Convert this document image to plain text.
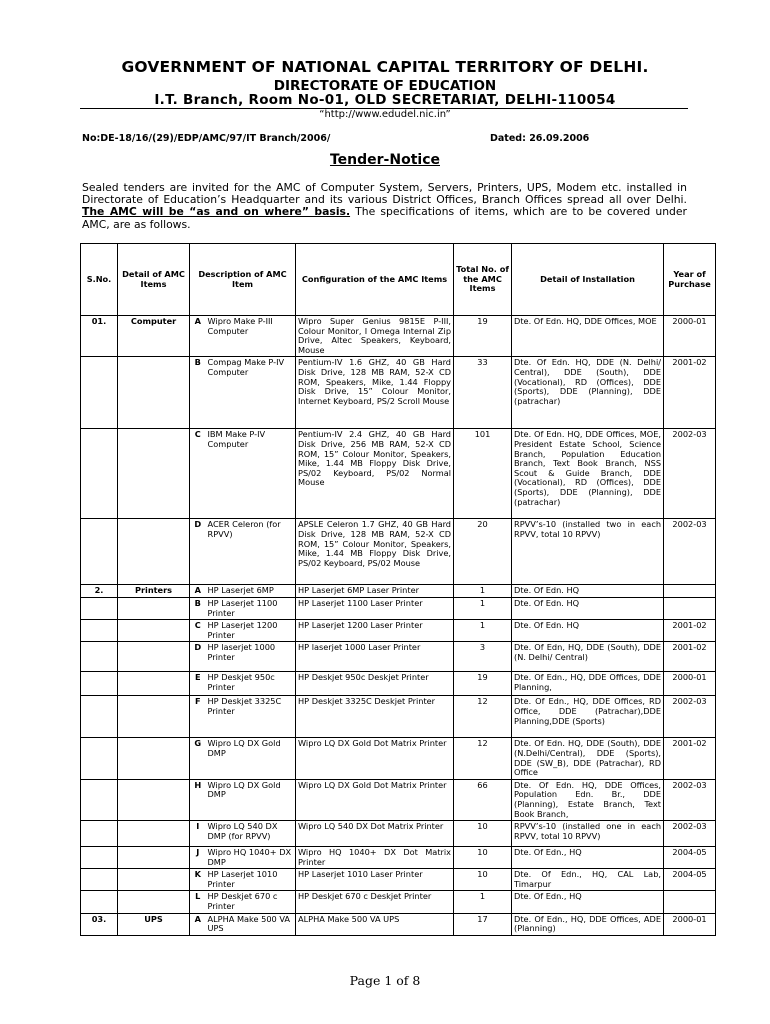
GOVERNMENT OF NATIONAL CAPITAL TERRITORY OF DELHI.
DIRECTORATE OF EDUCATION
I.T. Branch, Room No-01, OLD SECRETARIAT, DELHI-110054
“http://www.edudel.nic.in”
No:DE-18/16/(29)/EDP/AMC/97/IT Branch/2006/	Dated: 26.09.2006
Tender-Notice
Sealed tenders are invited for the AMC of Computer System, Servers, Printers, UPS, Modem etc. installed in Directorate of Education’s Headquarter and its various District Offices, Branch Offices spread all over Delhi. The AMC will be “as and on where” basis. The specifications of items, which are to be covered under AMC, are as follows.
S.No.	Detail of AMC Items	Description of AMC Item		Configuration of the AMC Items	Total No. of the AMC Items	Detail of Installation	Year of Purchase
01.	Computer	A	Wipro Make P-III Computer	Wipro Super Genius 9815E P-III, Colour Monitor, I Omega Internal Zip Drive, Altec Speakers, Keyboard, Mouse	19	Dte. Of Edn. HQ, DDE Offices, MOE	2000-01
		B	Compag Make P-IV Computer	Pentium-IV 1.6 GHZ, 40 GB Hard Disk Drive, 128 MB RAM, 52-X CD ROM, Speakers, Mike, 1.44 Floppy Disk Drive, 15” Colour Monitor, Internet Keyboard, PS/2 Scroll Mouse	33	Dte. Of Edn. HQ, DDE (N. Delhi/ Central), DDE (South), DDE (Vocational), RD (Offices), DDE (Sports), DDE (Planning), DDE (patrachar)	2001-02
		C	IBM Make P-IV Computer	Pentium-IV 2.4 GHZ, 40 GB Hard Disk Drive, 256 MB RAM, 52-X CD ROM, 15” Colour Monitor, Speakers, Mike, 1.44 MB Floppy Disk Drive, PS/02 Keyboard, PS/02 Normal Mouse	101	Dte. Of Edn. HQ, DDE Offices, MOE, President Estate School, Science Branch, Population Education Branch, Text Book Branch, NSS Scout & Guide Branch, DDE (Vocational), RD (Offices), DDE (Sports), DDE (Planning), DDE (patrachar)	2002-03
		D	ACER Celeron (for RPVV)	APSLE Celeron 1.7 GHZ, 40 GB Hard Disk Drive, 128 MB RAM, 52-X CD ROM, 15” Colour Monitor, Speakers, Mike, 1.44 MB Floppy Disk Drive, PS/02 Keyboard, PS/02 Mouse	20	RPVV’s-10 (installed two in each RPVV, total 10 RPVV)	2002-03
2.	Printers	A	HP Laserjet 6MP	HP Laserjet 6MP Laser Printer	1	Dte. Of Edn. HQ	
		B	HP Laserjet 1100 Printer	HP Laserjet 1100 Laser Printer	1	Dte. Of Edn. HQ	
		C	HP Laserjet 1200 Printer	HP Laserjet 1200 Laser Printer	1	Dte. Of Edn. HQ	2001-02
		D	HP laserjet 1000 Printer	HP laserjet 1000 Laser Printer	3	Dte. Of Edn, HQ, DDE (South), DDE (N. Delhi/ Central)	2001-02
		E	HP Deskjet 950c Printer	HP Deskjet 950c Deskjet Printer	19	Dte. Of Edn., HQ, DDE Offices, DDE Planning,	2000-01
		F	HP Deskjet 3325C Printer	HP Deskjet 3325C Deskjet Printer	12	Dte. Of Edn., HQ, DDE Offices, RD Office, DDE (Patrachar),DDE Planning,DDE (Sports)	2002-03
		G	Wipro LQ DX Gold DMP	Wipro LQ DX Gold Dot Matrix Printer	12	Dte. Of Edn. HQ, DDE (South), DDE (N.Delhi/Central), DDE (Sports), DDE (SW_B), DDE (Patrachar), RD Office	2001-02
		H	Wipro LQ DX Gold DMP	Wipro LQ DX Gold Dot Matrix Printer	66	Dte. Of Edn. HQ, DDE Offices, Population Edn. Br., DDE (Planning), Estate Branch, Text Book Branch,	2002-03
		I	Wipro LQ 540 DX DMP (for RPVV)	Wipro LQ 540 DX Dot Matrix Printer	10	RPVV’s-10 (installed one in each RPVV, total 10 RPVV)	2002-03
		J	Wipro HQ 1040+ DX DMP	Wipro HQ 1040+ DX Dot Matrix Printer	10	Dte. Of Edn., HQ	2004-05
		K	HP Laserjet 1010 Printer	HP Laserjet 1010 Laser Printer	10	Dte. Of Edn., HQ, CAL Lab, Timarpur	2004-05
		L	HP Deskjet 670 c Printer	HP Deskjet 670 c Deskjet Printer	1	Dte. Of Edn., HQ	
03.	UPS	A	ALPHA Make 500 VA UPS	ALPHA Make 500 VA UPS	17	Dte. Of Edn., HQ, DDE Offices, ADE (Planning)	2000-01
Page 1 of 8
